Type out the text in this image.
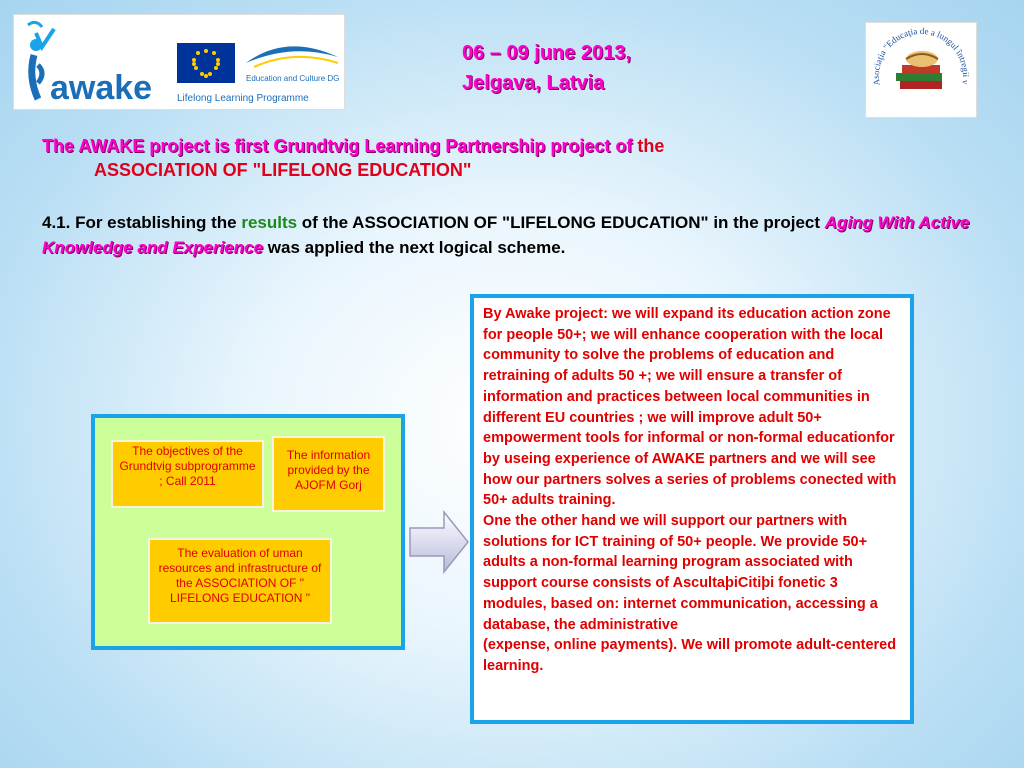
awake	Education and Culture DG
Lifelong Learning Programme
Asociaţia "Educaţia de a lungul întregii v
06 – 09 june 2013,
Jelgava, Latvia
The AWAKE project is first Grundtvig Learning Partnership project of the
ASSOCIATION OF "LIFELONG EDUCATION"
4.1. For establishing the results of the ASSOCIATION OF "LIFELONG EDUCATION" in the project Aging With Active Knowledge and Experience was applied the next logical scheme.
The objectives of the Grundtvig subprogramme ; Call 2011
The information provided by the AJOFM Gorj
The evaluation of uman resources and infrastructure of the ASSOCIATION OF " LIFELONG EDUCATION "

By Awake project: we will expand its education action zone for people 50+; we will enhance cooperation with the local community to solve the problems of education and retraining of adults 50 +; we will ensure a transfer of information and practices between local communities in different EU countries ; we will improve adult 50+ empowerment tools for informal or non-formal educationfor by useing experience of AWAKE partners and we will see how our partners solves a series of problems conected with 50+ adults training.

One the other hand we will support our partners with solutions for ICT training of 50+ people. We provide 50+ adults a non-formal learning program associated with support course consists of AscultaþiCitiþi fonetic 3 modules, based on: internet communication, accessing a database, the administrative

(expense, online payments). We will promote adult-centered learning.
